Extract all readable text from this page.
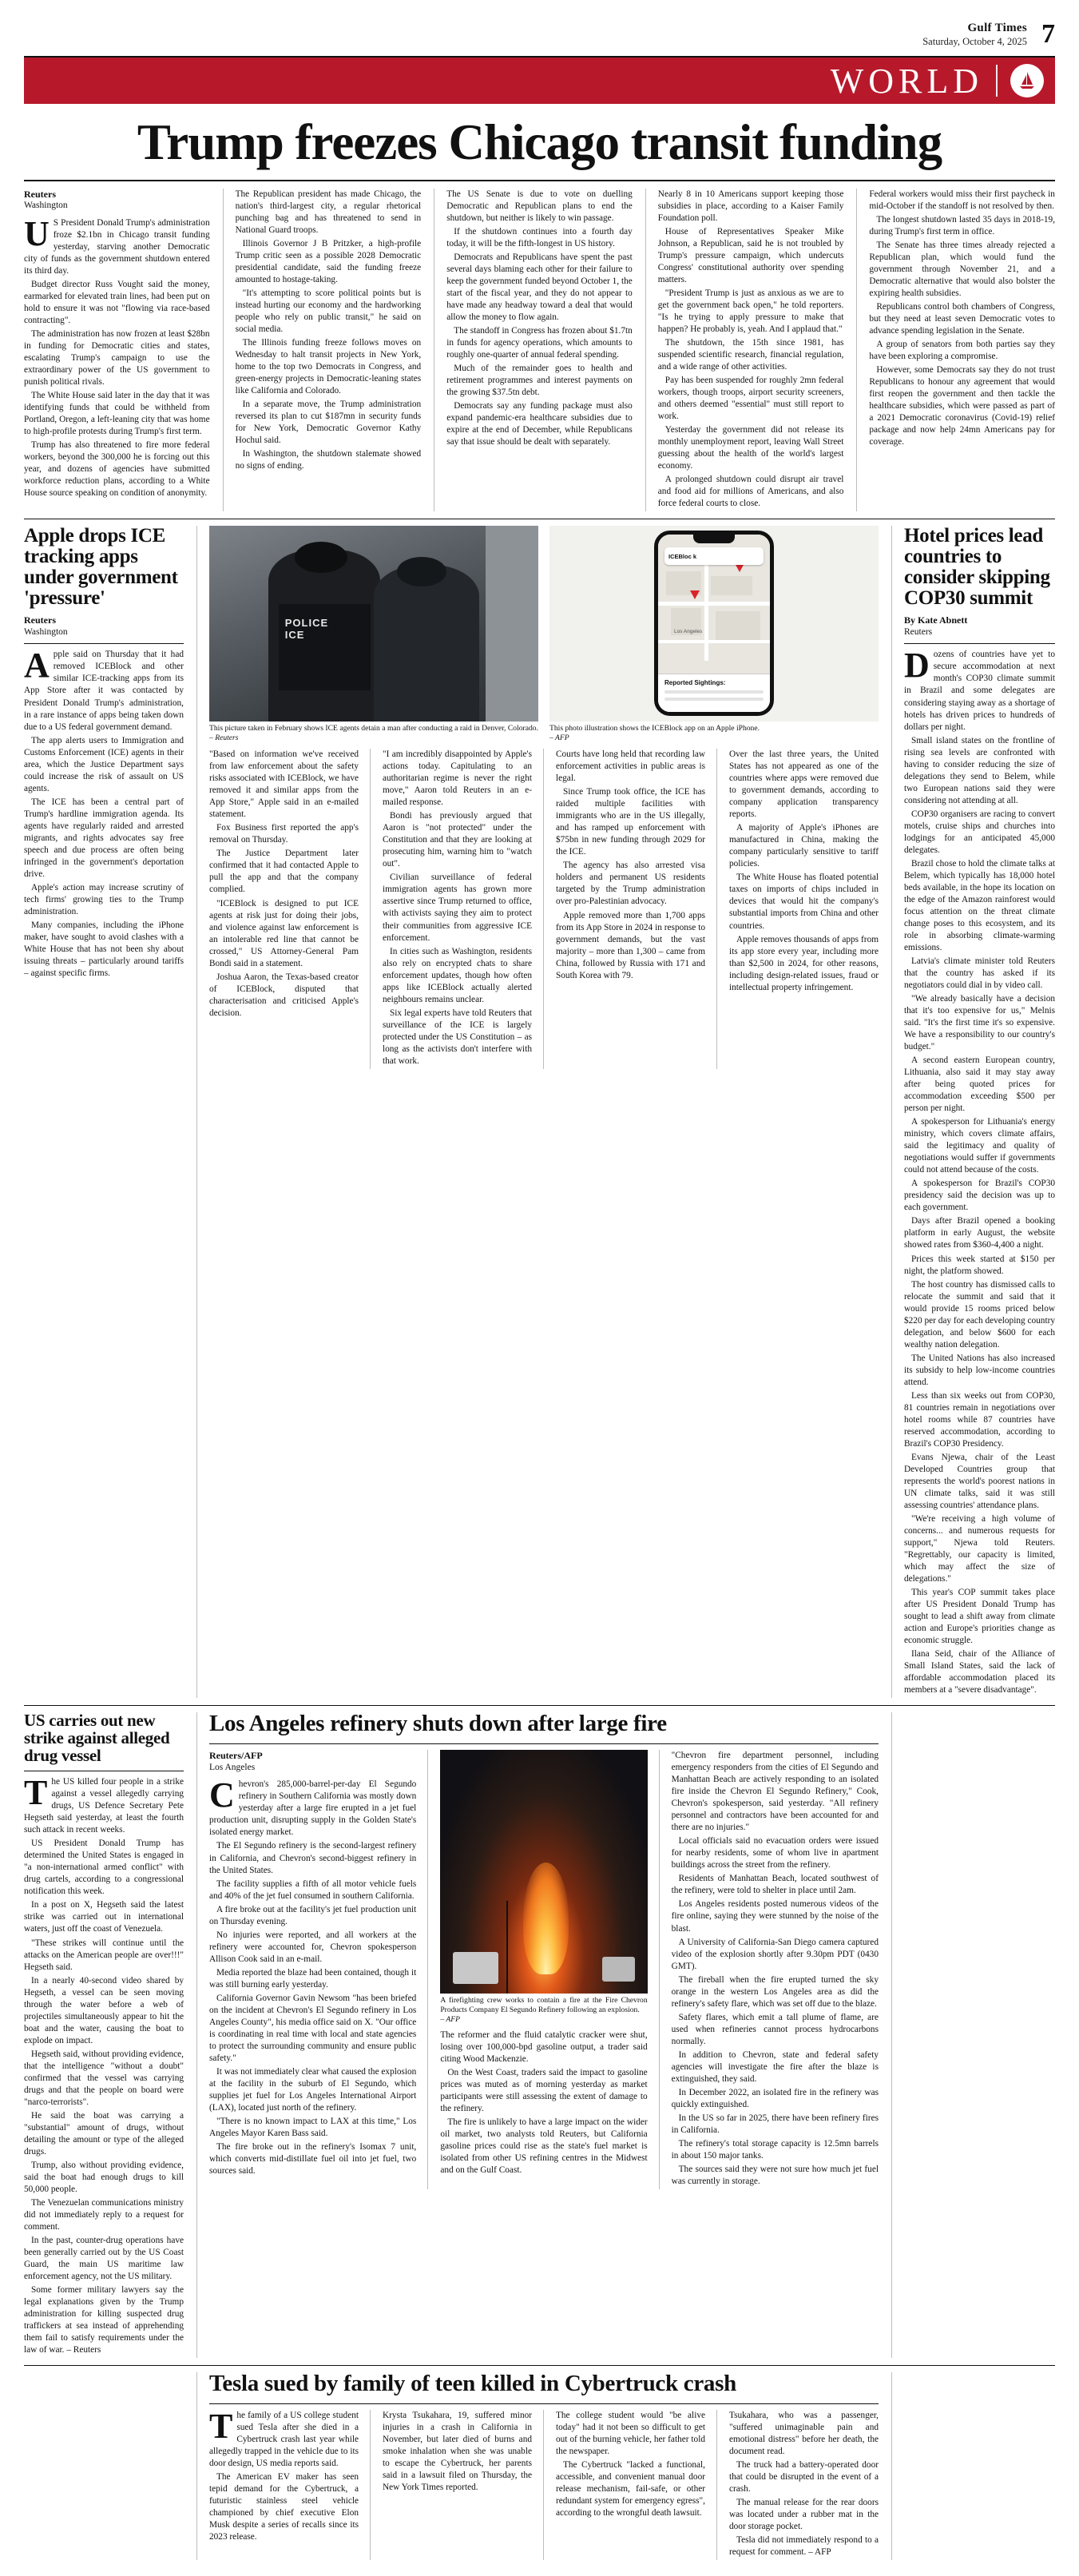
Gulf Times
Saturday, October 4, 2025 7
WORLD
Trump freezes Chicago transit funding
Reuters
Washington

US President Donald Trump's administration froze $2.1bn in Chicago transit funding yesterday, starving another Democratic city of funds as the government shutdown entered its third day.

Budget director Russ Vought said the money, earmarked for elevated train lines, had been put on hold to ensure it was not "flowing via race-based contracting".

The administration has now frozen at least $28bn in funding for Democratic cities and states, escalating Trump's campaign to use the extraordinary power of the US government to punish political rivals.

The White House said later in the day that it was identifying funds that could be withheld from Portland, Oregon, a left-leaning city that was home to high-profile protests during Trump's first term.

Trump has also threatened to fire more federal workers, beyond the 300,000 he is forcing out this year, and dozens of agencies have submitted workforce reduction plans, according to a White House source speaking on condition of anonymity.

The Republican president has made Chicago, the nation's third-largest city, a regular rhetorical punching bag and has threatened to send in National Guard troops.

Illinois Governor J B Pritzker, a high-profile Trump critic seen as a possible 2028 Democratic presidential candidate, said the funding freeze amounted to hostage-taking.

"It's attempting to score political points but is instead hurting our economy and the hardworking people who rely on public transit," he said on social media.

The Illinois funding freeze follows moves on Wednesday to halt transit projects in New York, home to the top two Democrats in Congress, and green-energy projects in Democratic-leaning states like California and Colorado.

In a separate move, the Trump administration reversed its plan to cut $187mn in security funds for New York, Democratic Governor Kathy Hochul said.

In Washington, the shutdown stalemate showed no signs of ending.

The US Senate is due to vote on duelling Democratic and Republican plans to end the shutdown, but neither is likely to win passage.

If the shutdown continues into a fourth day today, it will be the fifth-longest in US history.

Democrats and Republicans have spent the past several days blaming each other for their failure to keep the government funded beyond October 1, the start of the fiscal year, and they do not appear to have made any headway toward a deal that would allow the money to flow again.

The standoff in Congress has frozen about $1.7tn in funds for agency operations, which amounts to roughly one-quarter of annual federal spending.

Much of the remainder goes to health and retirement programmes and interest payments on the growing $37.5tn debt.

Democrats say any funding package must also expand pandemic-era healthcare subsidies due to expire at the end of December, while Republicans say that issue should be dealt with separately.

Nearly 8 in 10 Americans support keeping those subsidies in place, according to a Kaiser Family Foundation poll.

House of Representatives Speaker Mike Johnson, a Republican, said he is not troubled by Trump's pressure campaign, which undercuts Congress' constitutional authority over spending matters.

"President Trump is just as anxious as we are to get the government back open," he told reporters. "Is he trying to apply pressure to make that happen? He probably is, yeah. And I applaud that."

The shutdown, the 15th since 1981, has suspended scientific research, financial regulation, and a wide range of other activities.

Pay has been suspended for roughly 2mn federal workers, though troops, airport security screeners, and others deemed "essential" must still report to work.

Yesterday the government did not release its monthly unemployment report, leaving Wall Street guessing about the health of the world's largest economy.

A prolonged shutdown could disrupt air travel and food aid for millions of Americans, and also force federal courts to close.

Federal workers would miss their first paycheck in mid-October if the standoff is not resolved by then.

The longest shutdown lasted 35 days in 2018-19, during Trump's first term in office.

The Senate has three times already rejected a Republican plan, which would fund the government through November 21, and a Democratic alternative that would also bolster the expiring health subsidies.

Republicans control both chambers of Congress, but they need at least seven Democratic votes to advance spending legislation in the Senate.

A group of senators from both parties say they have been exploring a compromise.

However, some Democrats say they do not trust Republicans to honour any agreement that would first reopen the government and then tackle the healthcare subsidies, which were passed as part of a 2021 Democratic coronavirus (Covid-19) relief package and now help 24mn Americans pay for coverage.

Apple drops ICE tracking apps under government 'pressure'
Reuters
Washington

Apple said on Thursday that it had removed ICEBlock and other similar ICE-tracking apps from its App Store after it was contacted by President Donald Trump's administration, in a rare instance of apps being taken down due to a US federal government demand.

The app alerts users to Immigration and Customs Enforcement (ICE) agents in their area, which the Justice Department says could increase the risk of assault on US agents.

The ICE has been a central part of Trump's hardline immigration agenda. Its agents have regularly raided and arrested migrants, and rights advocates say free speech and due process are often being infringed in the government's deportation drive.

Apple's action may increase scrutiny of tech firms' growing ties to the Trump administration.

Many companies, including the iPhone maker, have sought to avoid clashes with a White House that has not been shy about issuing threats – particularly around tariffs – against specific firms.

POLICE
ICE
This picture taken in February shows ICE agents detain a man after conducting a raid in Denver, Colorado. – Reuters
Los Angeles
ICEBloc k
Reported Sightings:
This photo illustration shows the ICEBlock app on an Apple iPhone.
– AFP

"Based on information we've received from law enforcement about the safety risks associated with ICEBlock, we have removed it and similar apps from the App Store," Apple said in an e-mailed statement.

Fox Business first reported the app's removal on Thursday.

The Justice Department later confirmed that it had contacted Apple to pull the app and that the company complied.

"ICEBlock is designed to put ICE agents at risk just for doing their jobs, and violence against law enforcement is an intolerable red line that cannot be crossed," US Attorney-General Pam Bondi said in a statement.

Joshua Aaron, the Texas-based creator of ICEBlock, disputed that characterisation and criticised Apple's decision.

"I am incredibly disappointed by Apple's actions today. Capitulating to an authoritarian regime is never the right move," Aaron told Reuters in an e-mailed response.

Bondi has previously argued that Aaron is "not protected" under the Constitution and that they are looking at prosecuting him, warning him to "watch out".

Civilian surveillance of federal immigration agents has grown more assertive since Trump returned to office, with activists saying they aim to protect their communities from aggressive ICE enforcement.

In cities such as Washington, residents also rely on encrypted chats to share enforcement updates, though how often apps like ICEBlock actually alerted neighbours remains unclear.

Six legal experts have told Reuters that surveillance of the ICE is largely protected under the US Constitution – as long as the activists don't interfere with that work.

Courts have long held that recording law enforcement activities in public areas is legal.

Since Trump took office, the ICE has raided multiple facilities with immigrants who are in the US illegally, and has ramped up enforcement with $75bn in new funding through 2029 for the ICE.

The agency has also arrested visa holders and permanent US residents targeted by the Trump administration over pro-Palestinian advocacy.

Apple removed more than 1,700 apps from its App Store in 2024 in response to government demands, but the vast majority – more than 1,300 – came from China, followed by Russia with 171 and South Korea with 79.

Over the last three years, the United States has not appeared as one of the countries where apps were removed due to government demands, according to company application transparency reports.

A majority of Apple's iPhones are manufactured in China, making the company particularly sensitive to tariff policies.

The White House has floated potential taxes on imports of chips included in devices that would hit the company's substantial imports from China and other countries.

Apple removes thousands of apps from its app store every year, including more than $2,500 in 2024, for other reasons, including design-related issues, fraud or intellectual property infringement.

Hotel prices lead countries to consider skipping COP30 summit
By Kate Abnett
Reuters

Dozens of countries have yet to secure accommodation at next month's COP30 climate summit in Brazil and some delegates are considering staying away as a shortage of hotels has driven prices to hundreds of dollars per night.

Small island states on the frontline of rising sea levels are confronted with having to consider reducing the size of delegations they send to Belem, while two European nations said they were considering not attending at all.

COP30 organisers are racing to convert motels, cruise ships and churches into lodgings for an anticipated 45,000 delegates.

Brazil chose to hold the climate talks at Belem, which typically has 18,000 hotel beds available, in the hope its location on the edge of the Amazon rainforest would focus attention on the threat climate change poses to this ecosystem, and its role in absorbing climate-warming emissions.

Latvia's climate minister told Reuters that the country has asked if its negotiators could dial in by video call.

"We already basically have a decision that it's too expensive for us," Melnis said. "It's the first time it's so expensive. We have a responsibility to our country's budget."

A second eastern European country, Lithuania, also said it may stay away after being quoted prices for accommodation exceeding $500 per person per night.

A spokesperson for Lithuania's energy ministry, which covers climate affairs, said the legitimacy and quality of negotiations would suffer if governments could not attend because of the costs.

A spokesperson for Brazil's COP30 presidency said the decision was up to each government.

Days after Brazil opened a booking platform in early August, the website showed rates from $360-4,400 a night.

Prices this week started at $150 per night, the platform showed.

The host country has dismissed calls to relocate the summit and said that it would provide 15 rooms priced below $220 per day for each developing country delegation, and below $600 for each wealthy nation delegation.

The United Nations has also increased its subsidy to help low-income countries attend.

Less than six weeks out from COP30, 81 countries remain in negotiations over hotel rooms while 87 countries have reserved accommodation, according to Brazil's COP30 Presidency.

Evans Njewa, chair of the Least Developed Countries group that represents the world's poorest nations in UN climate talks, said it was still assessing countries' attendance plans.

"We're receiving a high volume of concerns... and numerous requests for support," Njewa told Reuters. "Regrettably, our capacity is limited, which may affect the size of delegations."

This year's COP summit takes place after US President Donald Trump has sought to lead a shift away from climate action and Europe's priorities change as economic struggle.

Ilana Seid, chair of the Alliance of Small Island States, said the lack of affordable accommodation placed its members at a "severe disadvantage".

US carries out new strike against alleged drug vessel

The US killed four people in a strike against a vessel allegedly carrying drugs, US Defence Secretary Pete Hegseth said yesterday, at least the fourth such attack in recent weeks.

US President Donald Trump has determined the United States is engaged in "a non-international armed conflict" with drug cartels, according to a congressional notification this week.

In a post on X, Hegseth said the latest strike was carried out in international waters, just off the coast of Venezuela.

"These strikes will continue until the attacks on the American people are over!!!" Hegseth said.

In a nearly 40-second video shared by Hegseth, a vessel can be seen moving through the water before a web of projectiles simultaneously appear to hit the boat and the water, causing the boat to explode on impact.

Hegseth said, without providing evidence, that the intelligence "without a doubt" confirmed that the vessel was carrying drugs and that the people on board were "narco-terrorists".

He said the boat was carrying a "substantial" amount of drugs, without detailing the amount or type of the alleged drugs.

Trump, also without providing evidence, said the boat had enough drugs to kill 50,000 people.

The Venezuelan communications ministry did not immediately reply to a request for comment.

In the past, counter-drug operations have been generally carried out by the US Coast Guard, the main US maritime law enforcement agency, not the US military.

Some former military lawyers say the legal explanations given by the Trump administration for killing suspected drug traffickers at sea instead of apprehending them fail to satisfy requirements under the law of war. – Reuters

Los Angeles refinery shuts down after large fire
Reuters/AFP
Los Angeles

Chevron's 285,000-barrel-per-day El Segundo refinery in Southern California was mostly down yesterday after a large fire erupted in a jet fuel production unit, disrupting supply in the Golden State's isolated energy market.

The El Segundo refinery is the second-largest refinery in California, and Chevron's second-biggest refinery in the United States.

The facility supplies a fifth of all motor vehicle fuels and 40% of the jet fuel consumed in southern California.

A fire broke out at the facility's jet fuel production unit on Thursday evening.

No injuries were reported, and all workers at the refinery were accounted for, Chevron spokesperson Allison Cook said in an e-mail.

Media reported the blaze had been contained, though it was still burning early yesterday.

California Governor Gavin Newsom "has been briefed on the incident at Chevron's El Segundo refinery in Los Angeles County", his media office said on X. "Our office is coordinating in real time with local and state agencies to protect the surrounding community and ensure public safety."

It was not immediately clear what caused the explosion at the facility in the suburb of El Segundo, which supplies jet fuel for Los Angeles International Airport (LAX), located just north of the refinery.

"There is no known impact to LAX at this time," Los Angeles Mayor Karen Bass said.

The fire broke out in the refinery's Isomax 7 unit, which converts mid-distillate fuel oil into jet fuel, two sources said.

A firefighting crew works to contain a fire at the Fire Chevron Products Company El Segundo Refinery following an explosion.
– AFP

The reformer and the fluid catalytic cracker were shut, losing over 100,000-bpd gasoline output, a trader said citing Wood Mackenzie.

On the West Coast, traders said the impact to gasoline prices was muted as of morning yesterday as market participants were still assessing the extent of damage to the refinery.

The fire is unlikely to have a large impact on the wider oil market, two analysts told Reuters, but California gasoline prices could rise as the state's fuel market is isolated from other US refining centres in the Midwest and on the Gulf Coast.

"Chevron fire department personnel, including emergency responders from the cities of El Segundo and Manhattan Beach are actively responding to an isolated fire inside the Chevron El Segundo Refinery," Cook, Chevron's spokesperson, said yesterday. "All refinery personnel and contractors have been accounted for and there are no injuries."

Local officials said no evacuation orders were issued for nearby residents, some of whom live in apartment buildings across the street from the refinery.

Residents of Manhattan Beach, located southwest of the refinery, were told to shelter in place until 2am.

Los Angeles residents posted numerous videos of the fire online, saying they were stunned by the noise of the blast.

A University of California-San Diego camera captured video of the explosion shortly after 9.30pm PDT (0430 GMT).

The fireball when the fire erupted turned the sky orange in the western Los Angeles area as did the refinery's safety flare, which was set off due to the blaze.

Safety flares, which emit a tall plume of flame, are used when refineries cannot process hydrocarbons normally.

In addition to Chevron, state and federal safety agencies will investigate the fire after the blaze is extinguished, they said.

In December 2022, an isolated fire in the refinery was quickly extinguished.

In the US so far in 2025, there have been refinery fires in California.

The refinery's total storage capacity is 12.5mn barrels in about 150 major tanks.

The sources said they were not sure how much jet fuel was currently in storage.

Tesla sued by family of teen killed in Cybertruck crash

The family of a US college student sued Tesla after she died in a Cybertruck crash last year while allegedly trapped in the vehicle due to its door design, US media reports said.

The American EV maker has seen tepid demand for the Cybertruck, a futuristic stainless steel vehicle championed by chief executive Elon Musk despite a series of recalls since its 2023 release.

Krysta Tsukahara, 19, suffered minor injuries in a crash in California in November, but later died of burns and smoke inhalation when she was unable to escape the Cybertruck, her parents said in a lawsuit filed on Thursday, the New York Times reported.

The college student would "be alive today" had it not been so difficult to get out of the burning vehicle, her father told the newspaper.

The Cybertruck "lacked a functional, accessible, and convenient manual door release mechanism, fail-safe, or other redundant system for emergency egress", according to the wrongful death lawsuit.

Tsukahara, who was a passenger, "suffered unimaginable pain and emotional distress" before her death, the document read.

The truck had a battery-operated door that could be disrupted in the event of a crash.

The manual release for the rear doors was located under a rubber mat in the door storage pocket.

Tesla did not immediately respond to a request for comment. – AFP
